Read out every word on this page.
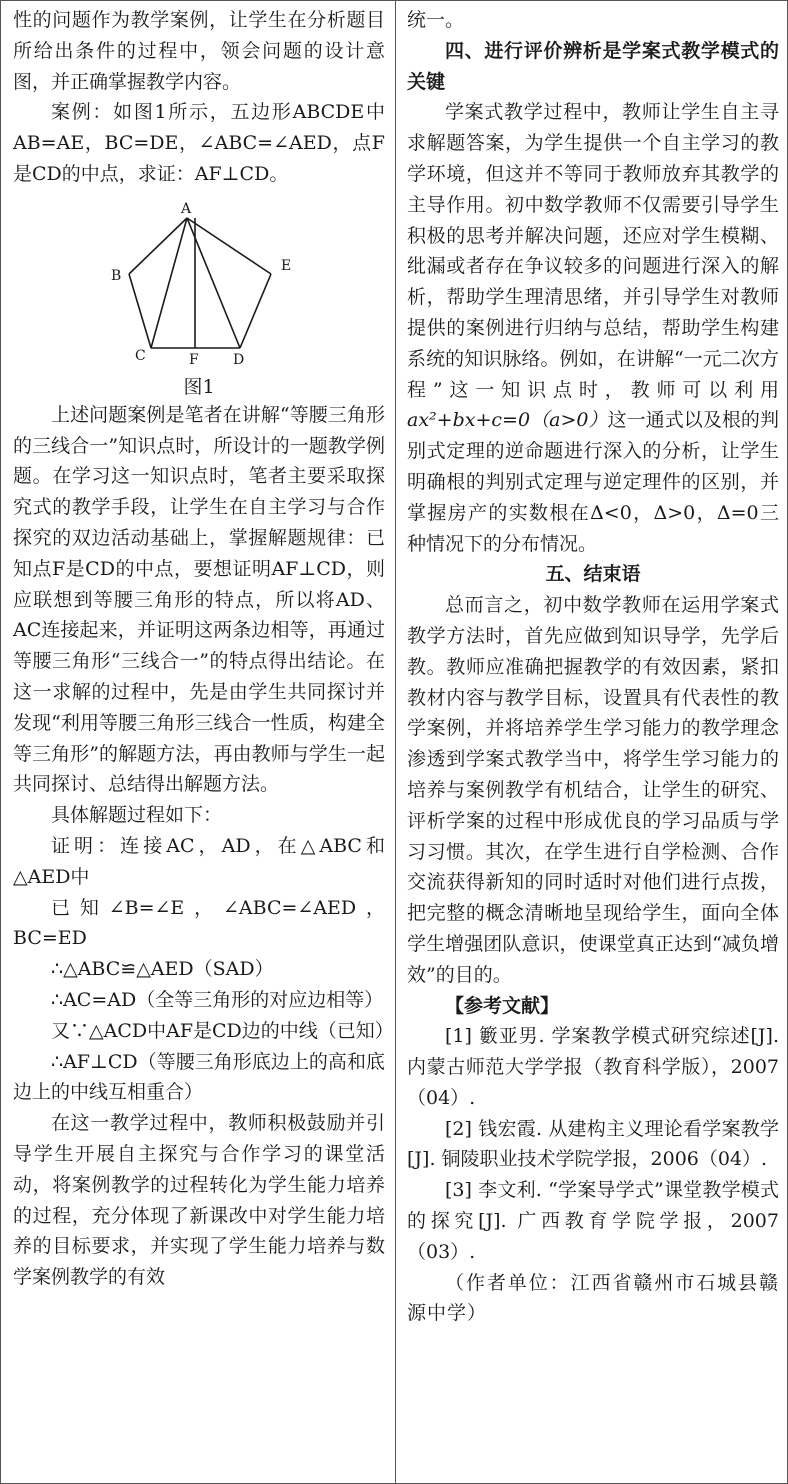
性的问题作为教学案例，让学生在分析题目所给出条件的过程中，领会问题的设计意图，并正确掌握教学内容。

案例：如图1所示，五边形ABCDE中AB=AE，BC=DE，∠ABC=∠AED，点F是CD的中点，求证：AF⊥CD。

A
B
C	F D
E
图1

上述问题案例是笔者在讲解“等腰三角形的三线合一”知识点时，所设计的一题教学例题。在学习这一知识点时，笔者主要采取探究式的教学手段，让学生在自主学习与合作探究的双边活动基础上，掌握解题规律：已知点F是CD的中点，要想证明AF⊥CD，则应联想到等腰三角形的特点，所以将AD、AC连接起来，并证明这两条边相等，再通过等腰三角形“三线合一”的特点得出结论。在这一求解的过程中，先是由学生共同探讨并发现“利用等腰三角形三线合一性质，构建全等三角形”的解题方法，再由教师与学生一起共同探讨、总结得出解题方法。

具体解题过程如下：

证明：连接AC，AD，在△ABC和△AED中

已知∠B=∠E，∠ABC=∠AED，BC=ED

∴△ABC≌△AED（SAD）

∴AC=AD（全等三角形的对应边相等）

又∵△ACD中AF是CD边的中线（已知）

∴AF⊥CD（等腰三角形底边上的高和底边上的中线互相重合）

在这一教学过程中，教师积极鼓励并引导学生开展自主探究与合作学习的课堂活动，将案例教学的过程转化为学生能力培养的过程，充分体现了新课改中对学生能力培养的目标要求，并实现了学生能力培养与数学案例教学的有效

统一。

四、进行评价辨析是学案式教学模式的关键

学案式教学过程中，教师让学生自主寻求解题答案，为学生提供一个自主学习的教学环境，但这并不等同于教师放弃其教学的主导作用。初中数学教师不仅需要引导学生积极的思考并解决问题，还应对学生模糊、纰漏或者存在争议较多的问题进行深入的解析，帮助学生理清思绪，并引导学生对教师提供的案例进行归纳与总结，帮助学生构建系统的知识脉络。例如，在讲解“一元二次方程”这一知识点时，教师可以利用ax²+bx+c=0（a>0）这一通式以及根的判别式定理的逆命题进行深入的分析，让学生明确根的判别式定理与逆定理件的区别，并掌握房产的实数根在Δ<0，Δ>0，Δ=0三种情况下的分布情况。

五、结束语

总而言之，初中数学教师在运用学案式教学方法时，首先应做到知识导学，先学后教。教师应准确把握教学的有效因素，紧扣教材内容与教学目标，设置具有代表性的教学案例，并将培养学生学习能力的教学理念渗透到学案式教学当中，将学生学习能力的培养与案例教学有机结合，让学生的研究、评析学案的过程中形成优良的学习品质与学习习惯。其次，在学生进行自学检测、合作交流获得新知的同时适时对他们进行点拨，把完整的概念清晰地呈现给学生，面向全体学生增强团队意识，使课堂真正达到“减负增效”的目的。

【参考文献】

[1] 籔亚男. 学案教学模式研究综述[J]. 内蒙古师范大学学报（教育科学版），2007（04）.

[2] 钱宏霞. 从建构主义理论看学案教学[J]. 铜陵职业技术学院学报，2006（04）.

[3] 李文利. “学案导学式”课堂教学模式的探究[J]. 广西教育学院学报，2007（03）.

（作者单位：江西省赣州市石城县赣源中学）
